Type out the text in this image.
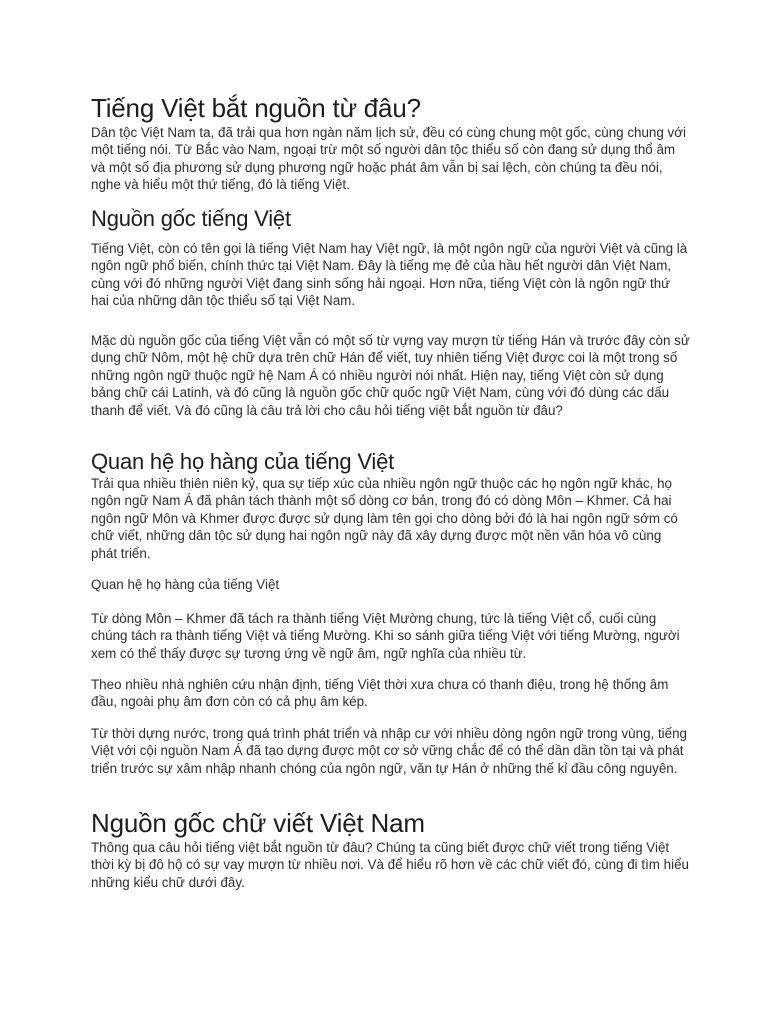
Tiếng Việt bắt nguồn từ đâu?

Dân tộc Việt Nam ta, đã trải qua hơn ngàn năm lịch sử, đều có cùng chung một gốc, cùng chung với một tiếng nói. Từ Bắc vào Nam, ngoại trừ một số người dân tộc thiểu số còn đang sử dụng thổ âm và một số địa phương sử dụng phương ngữ hoặc phát âm vẫn bị sai lệch, còn chúng ta đều nói, nghe và hiểu một thứ tiếng, đó là tiếng Việt.

Nguồn gốc tiếng Việt

Tiếng Việt, còn có tên gọi là tiếng Việt Nam hay Việt ngữ, là một ngôn ngữ của người Việt và cũng là ngôn ngữ phổ biến, chính thức tại Việt Nam. Đây là tiếng mẹ đẻ của hầu hết người dân Việt Nam, cùng với đó những người Việt đang sinh sống hải ngoại. Hơn nữa, tiếng Việt còn là ngôn ngữ thứ hai của những dân tộc thiểu số tại Việt Nam.

Mặc dù nguồn gốc của tiếng Việt vẫn có một số từ vựng vay mượn từ tiếng Hán và trước đây còn sử dụng chữ Nôm, một hệ chữ dựa trên chữ Hán để viết, tuy nhiên tiếng Việt được coi là một trong số những ngôn ngữ thuộc ngữ hệ Nam Á có nhiều người nói nhất. Hiện nay, tiếng Việt còn sử dụng bảng chữ cái Latinh, và đó cũng là nguồn gốc chữ quốc ngữ Việt Nam, cùng với đó dùng các dấu thanh để viết. Và đó cũng là câu trả lời cho câu hỏi tiếng việt bắt nguồn từ đâu?

Quan hệ họ hàng của tiếng Việt

Trải qua nhiều thiên niên kỷ, qua sự tiếp xúc của nhiều ngôn ngữ thuộc các họ ngôn ngữ khác, họ ngôn ngữ Nam Á đã phân tách thành một số dòng cơ bản, trong đó có dòng Môn – Khmer. Cả hai ngôn ngữ Môn và Khmer được được sử dụng làm tên gọi cho dòng bởi đó là hai ngôn ngữ sớm có chữ viết, những dân tộc sử dụng hai ngôn ngữ này đã xây dựng được một nền văn hóa vô cùng phát triển.

Quan hệ họ hàng của tiếng Việt

Từ dòng Môn – Khmer đã tách ra thành tiếng Việt Mường chung, tức là tiếng Việt cổ, cuối cùng chúng tách ra thành tiếng Việt và tiếng Mường. Khi so sánh giữa tiếng Việt với tiếng Mường, người xem có thể thấy được sự tương ứng về ngữ âm, ngữ nghĩa của nhiều từ.

Theo nhiều nhà nghiên cứu nhận định, tiếng Việt thời xưa chưa có thanh điệu, trong hệ thống âm đầu, ngoài phụ âm đơn còn có cả phụ âm kép.

Từ thời dựng nước, trong quá trình phát triển và nhập cư với nhiều dòng ngôn ngữ trong vùng, tiếng Việt với cội nguồn Nam Á đã tạo dựng được một cơ sở vững chắc để có thể dần dần tồn tại và phát triển trước sự xâm nhập nhanh chóng của ngôn ngữ, văn tự Hán ở những thế kỉ đầu công nguyên.

Nguồn gốc chữ viết Việt Nam

Thông qua câu hỏi tiếng việt bắt nguồn từ đâu? Chúng ta cũng biết được chữ viết trong tiếng Việt thời kỳ bị đô hộ có sự vay mượn từ nhiều nơi. Và để hiểu rõ hơn về các chữ viết đó, cùng đi tìm hiểu những kiểu chữ dưới đây.
